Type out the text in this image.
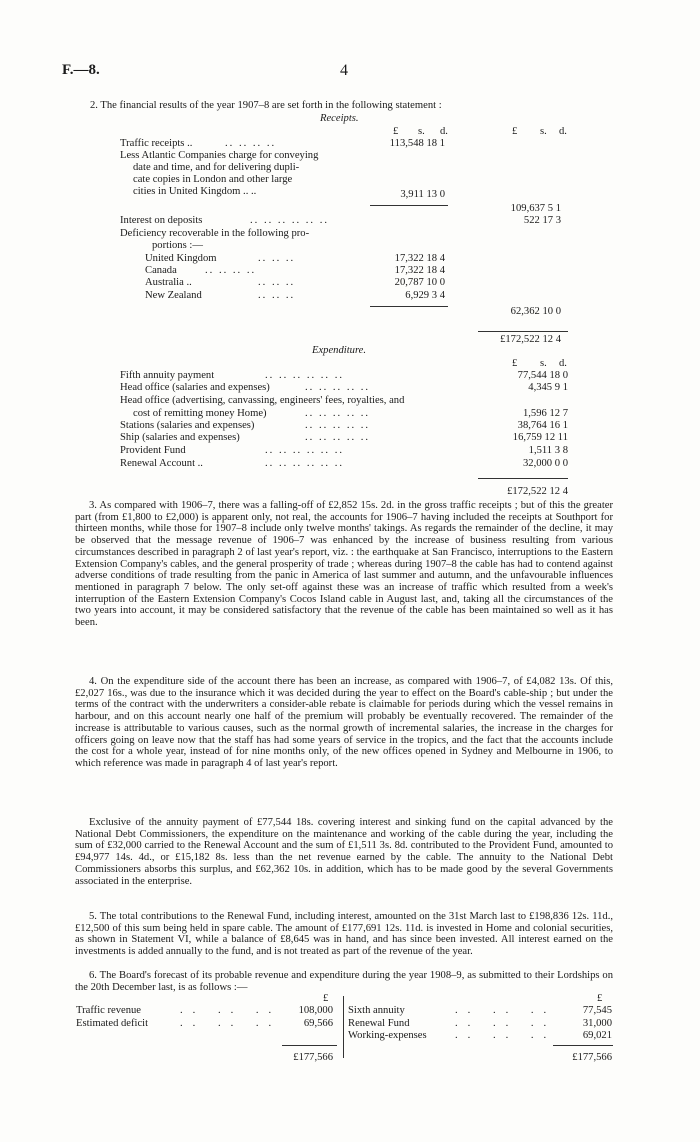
F.—8.	4
2. The financial results of the year 1907–8 are set forth in the following statement :
Receipts.
£ s. d.	£ s. d.
Traffic receipts ..	.. .. .. ..	113,548 18 1
Less Atlantic Companies charge for conveying
date and time, and for delivering dupli-
cate copies in London and other large
cities in United Kingdom .. ..	3,911 13 0
109,637 5 1
Interest on deposits	.. .. .. .. .. ..	522 17 3
Deficiency recoverable in the following pro-
portions :—
United Kingdom	.. .. ..	17,322 18 4
Canada	.. .. .. ..	17,322 18 4
Australia ..	.. .. ..	20,787 10 0
New Zealand	.. .. ..	6,929 3 4
62,362 10 0
£172,522 12 4
Expenditure.
£ s. d.
Fifth annuity payment	.. .. .. .. .. ..	77,544 18 0
Head office (salaries and expenses)	.. .. .. .. ..	4,345 9 1
Head office (advertising, canvassing, engineers' fees, royalties, and
cost of remitting money Home)	.. .. .. .. ..	1,596 12 7
Stations (salaries and expenses)	.. .. .. .. ..	38,764 16 1
Ship (salaries and expenses)	.. .. .. .. ..	16,759 12 11
Provident Fund	.. .. .. .. .. ..	1,511 3 8
Renewal Account ..	.. .. .. .. .. ..	32,000 0 0
£172,522 12 4
3. As compared with 1906–7, there was a falling-off of £2,852 15s. 2d. in the gross traffic receipts ; but of this the greater part (from £1,800 to £2,000) is apparent only, not real, the accounts for 1906–7 having included the receipts at Southport for thirteen months, while those for 1907–8 include only twelve months' takings. As regards the remainder of the decline, it may be observed that the message revenue of 1906–7 was enhanced by the increase of business resulting from various circumstances described in paragraph 2 of last year's report, viz. : the earthquake at San Francisco, interruptions to the Eastern Extension Company's cables, and the general prosperity of trade ; whereas during 1907–8 the cable has had to contend against adverse conditions of trade resulting from the panic in America of last summer and autumn, and the unfavourable influences mentioned in paragraph 7 below. The only set-off against these was an increase of traffic which resulted from a week's interruption of the Eastern Extension Company's Cocos Island cable in August last, and, taking all the circumstances of the two years into account, it may be considered satisfactory that the revenue of the cable has been maintained so well as it has been.
4. On the expenditure side of the account there has been an increase, as compared with 1906–7, of £4,082 13s. Of this, £2,027 16s., was due to the insurance which it was decided during the year to effect on the Board's cable-ship ; but under the terms of the contract with the underwriters a consider-able rebate is claimable for periods during which the vessel remains in harbour, and on this account nearly one half of the premium will probably be eventually recovered. The remainder of the increase is attributable to various causes, such as the normal growth of incremental salaries, the increase in the charges for officers going on leave now that the staff has had some years of service in the tropics, and the fact that the accounts include the cost for a whole year, instead of for nine months only, of the new offices opened in Sydney and Melbourne in 1906, to which reference was made in paragraph 4 of last year's report.
Exclusive of the annuity payment of £77,544 18s. covering interest and sinking fund on the capital advanced by the National Debt Commissioners, the expenditure on the maintenance and working of the cable during the year, including the sum of £32,000 carried to the Renewal Account and the sum of £1,511 3s. 8d. contributed to the Provident Fund, amounted to £94,977 14s. 4d., or £15,182 8s. less than the net revenue earned by the cable. The annuity to the National Debt Commissioners absorbs this surplus, and £62,362 10s. in addition, which has to be made good by the several Governments associated in the enterprise.
5. The total contributions to the Renewal Fund, including interest, amounted on the 31st March last to £198,836 12s. 11d., £12,500 of this sum being held in spare cable. The amount of £177,691 12s. 11d. is invested in Home and colonial securities, as shown in Statement VI, while a balance of £8,645 was in hand, and has since been invested. All interest earned on the investments is added annually to the fund, and is not treated as part of the revenue of the year.
6. The Board's forecast of its probable revenue and expenditure during the year 1908–9, as submitted to their Lordships on the 20th December last, is as follows :—
£	£
Traffic revenue	.. .. ..	108,000
Estimated deficit	.. .. ..	69,566
Sixth annuity	.. .. ..	77,545
Renewal Fund	.. .. ..	31,000
Working-expenses	.. .. ..	69,021
£177,566	£177,566
